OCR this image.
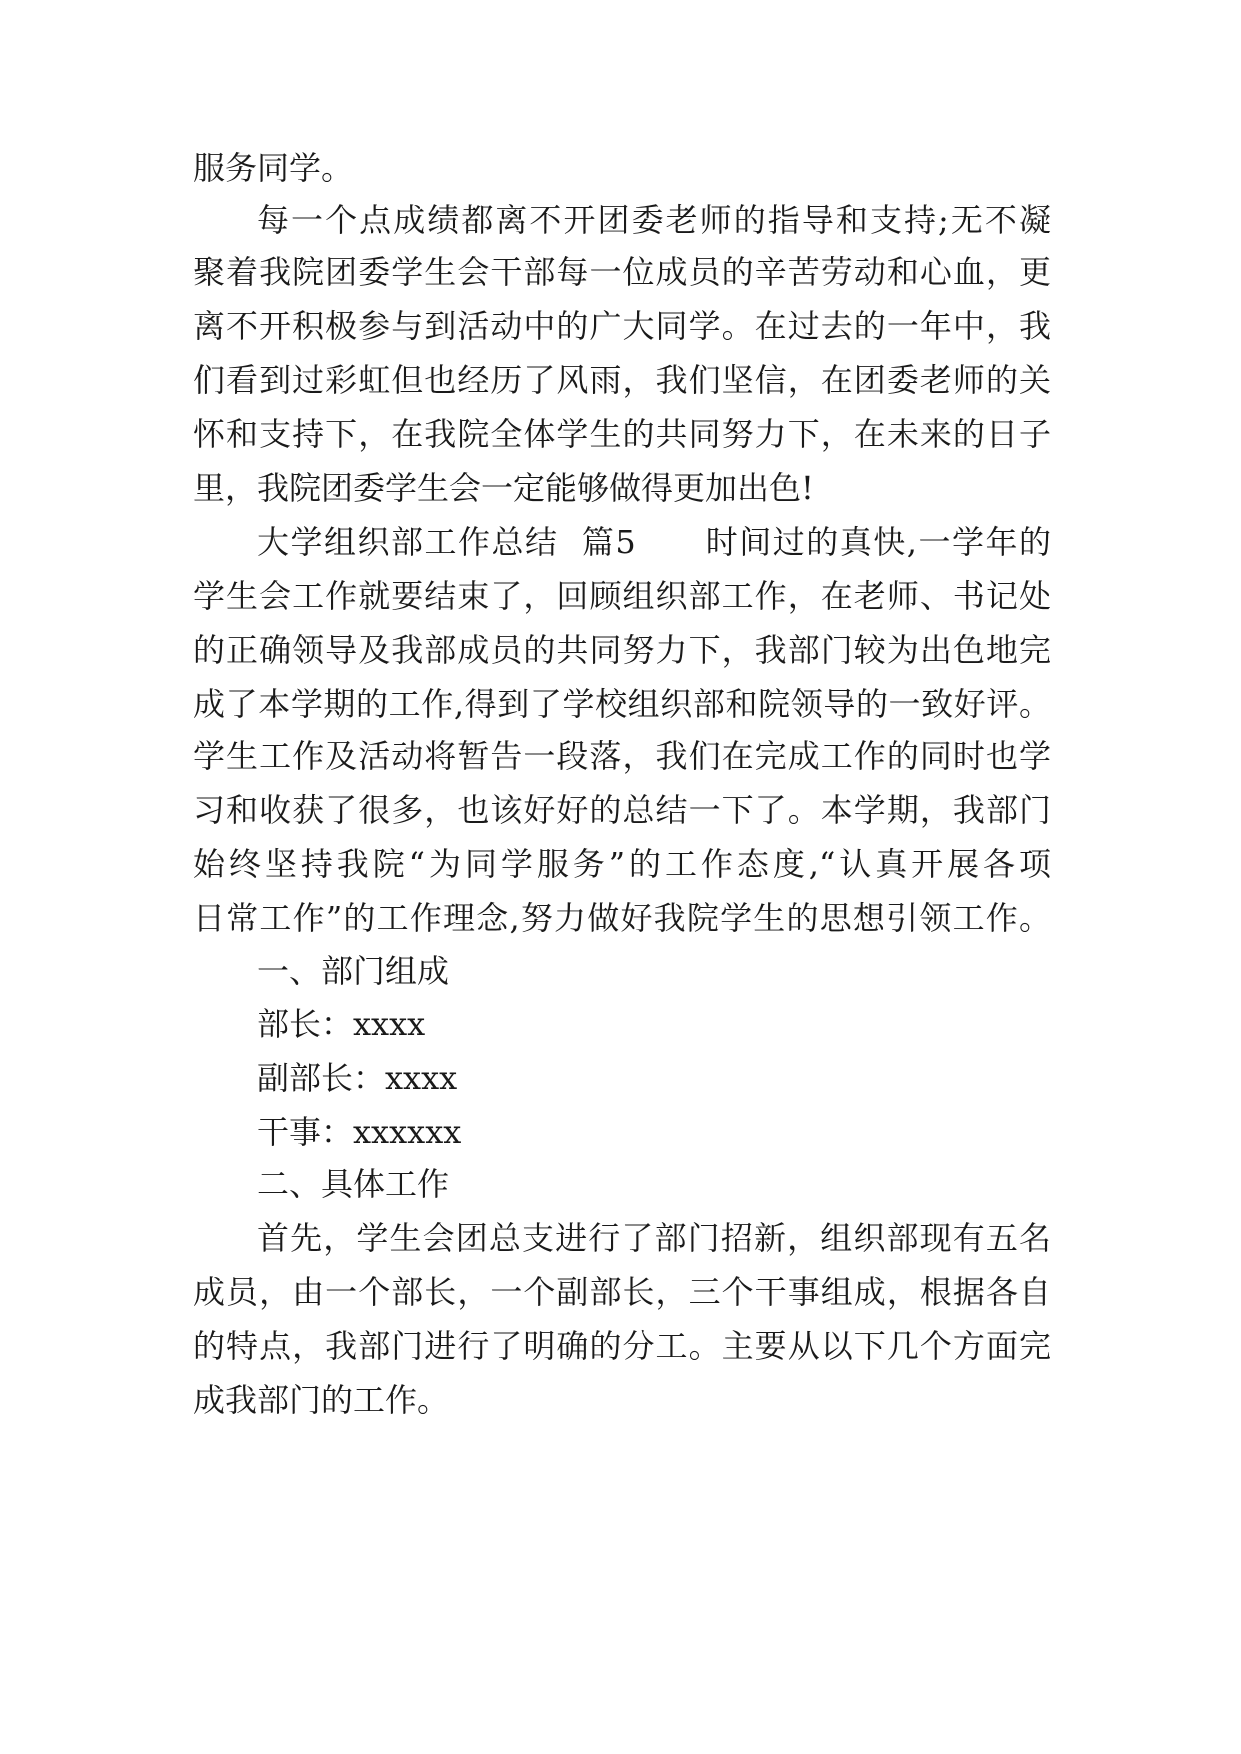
服务同学。
每一个点成绩都离不开团委老师的指导和支持;无不凝
聚着我院团委学生会干部每一位成员的辛苦劳动和心血，更
离不开积极参与到活动中的广大同学。在过去的一年中，我
们看到过彩虹但也经历了风雨，我们坚信，在团委老师的关
怀和支持下，在我院全体学生的共同努力下，在未来的日子
里，我院团委学生会一定能够做得更加出色!
大学组织部工作总结  篇5      时间过的真快,一学年的
学生会工作就要结束了，回顾组织部工作，在老师、书记处
的正确领导及我部成员的共同努力下，我部门较为出色地完
成了本学期的工作,得到了学校组织部和院领导的一致好评。
学生工作及活动将暂告一段落，我们在完成工作的同时也学
习和收获了很多，也该好好的总结一下了。本学期，我部门
始终坚持我院“为同学服务”的工作态度,“认真开展各项
日常工作”的工作理念,努力做好我院学生的思想引领工作。
一、部门组成
部长：xxxx
副部长：xxxx
干事：xxxxxx
二、具体工作
首先，学生会团总支进行了部门招新，组织部现有五名
成员，由一个部长，一个副部长，三个干事组成，根据各自
的特点，我部门进行了明确的分工。主要从以下几个方面完
成我部门的工作。
